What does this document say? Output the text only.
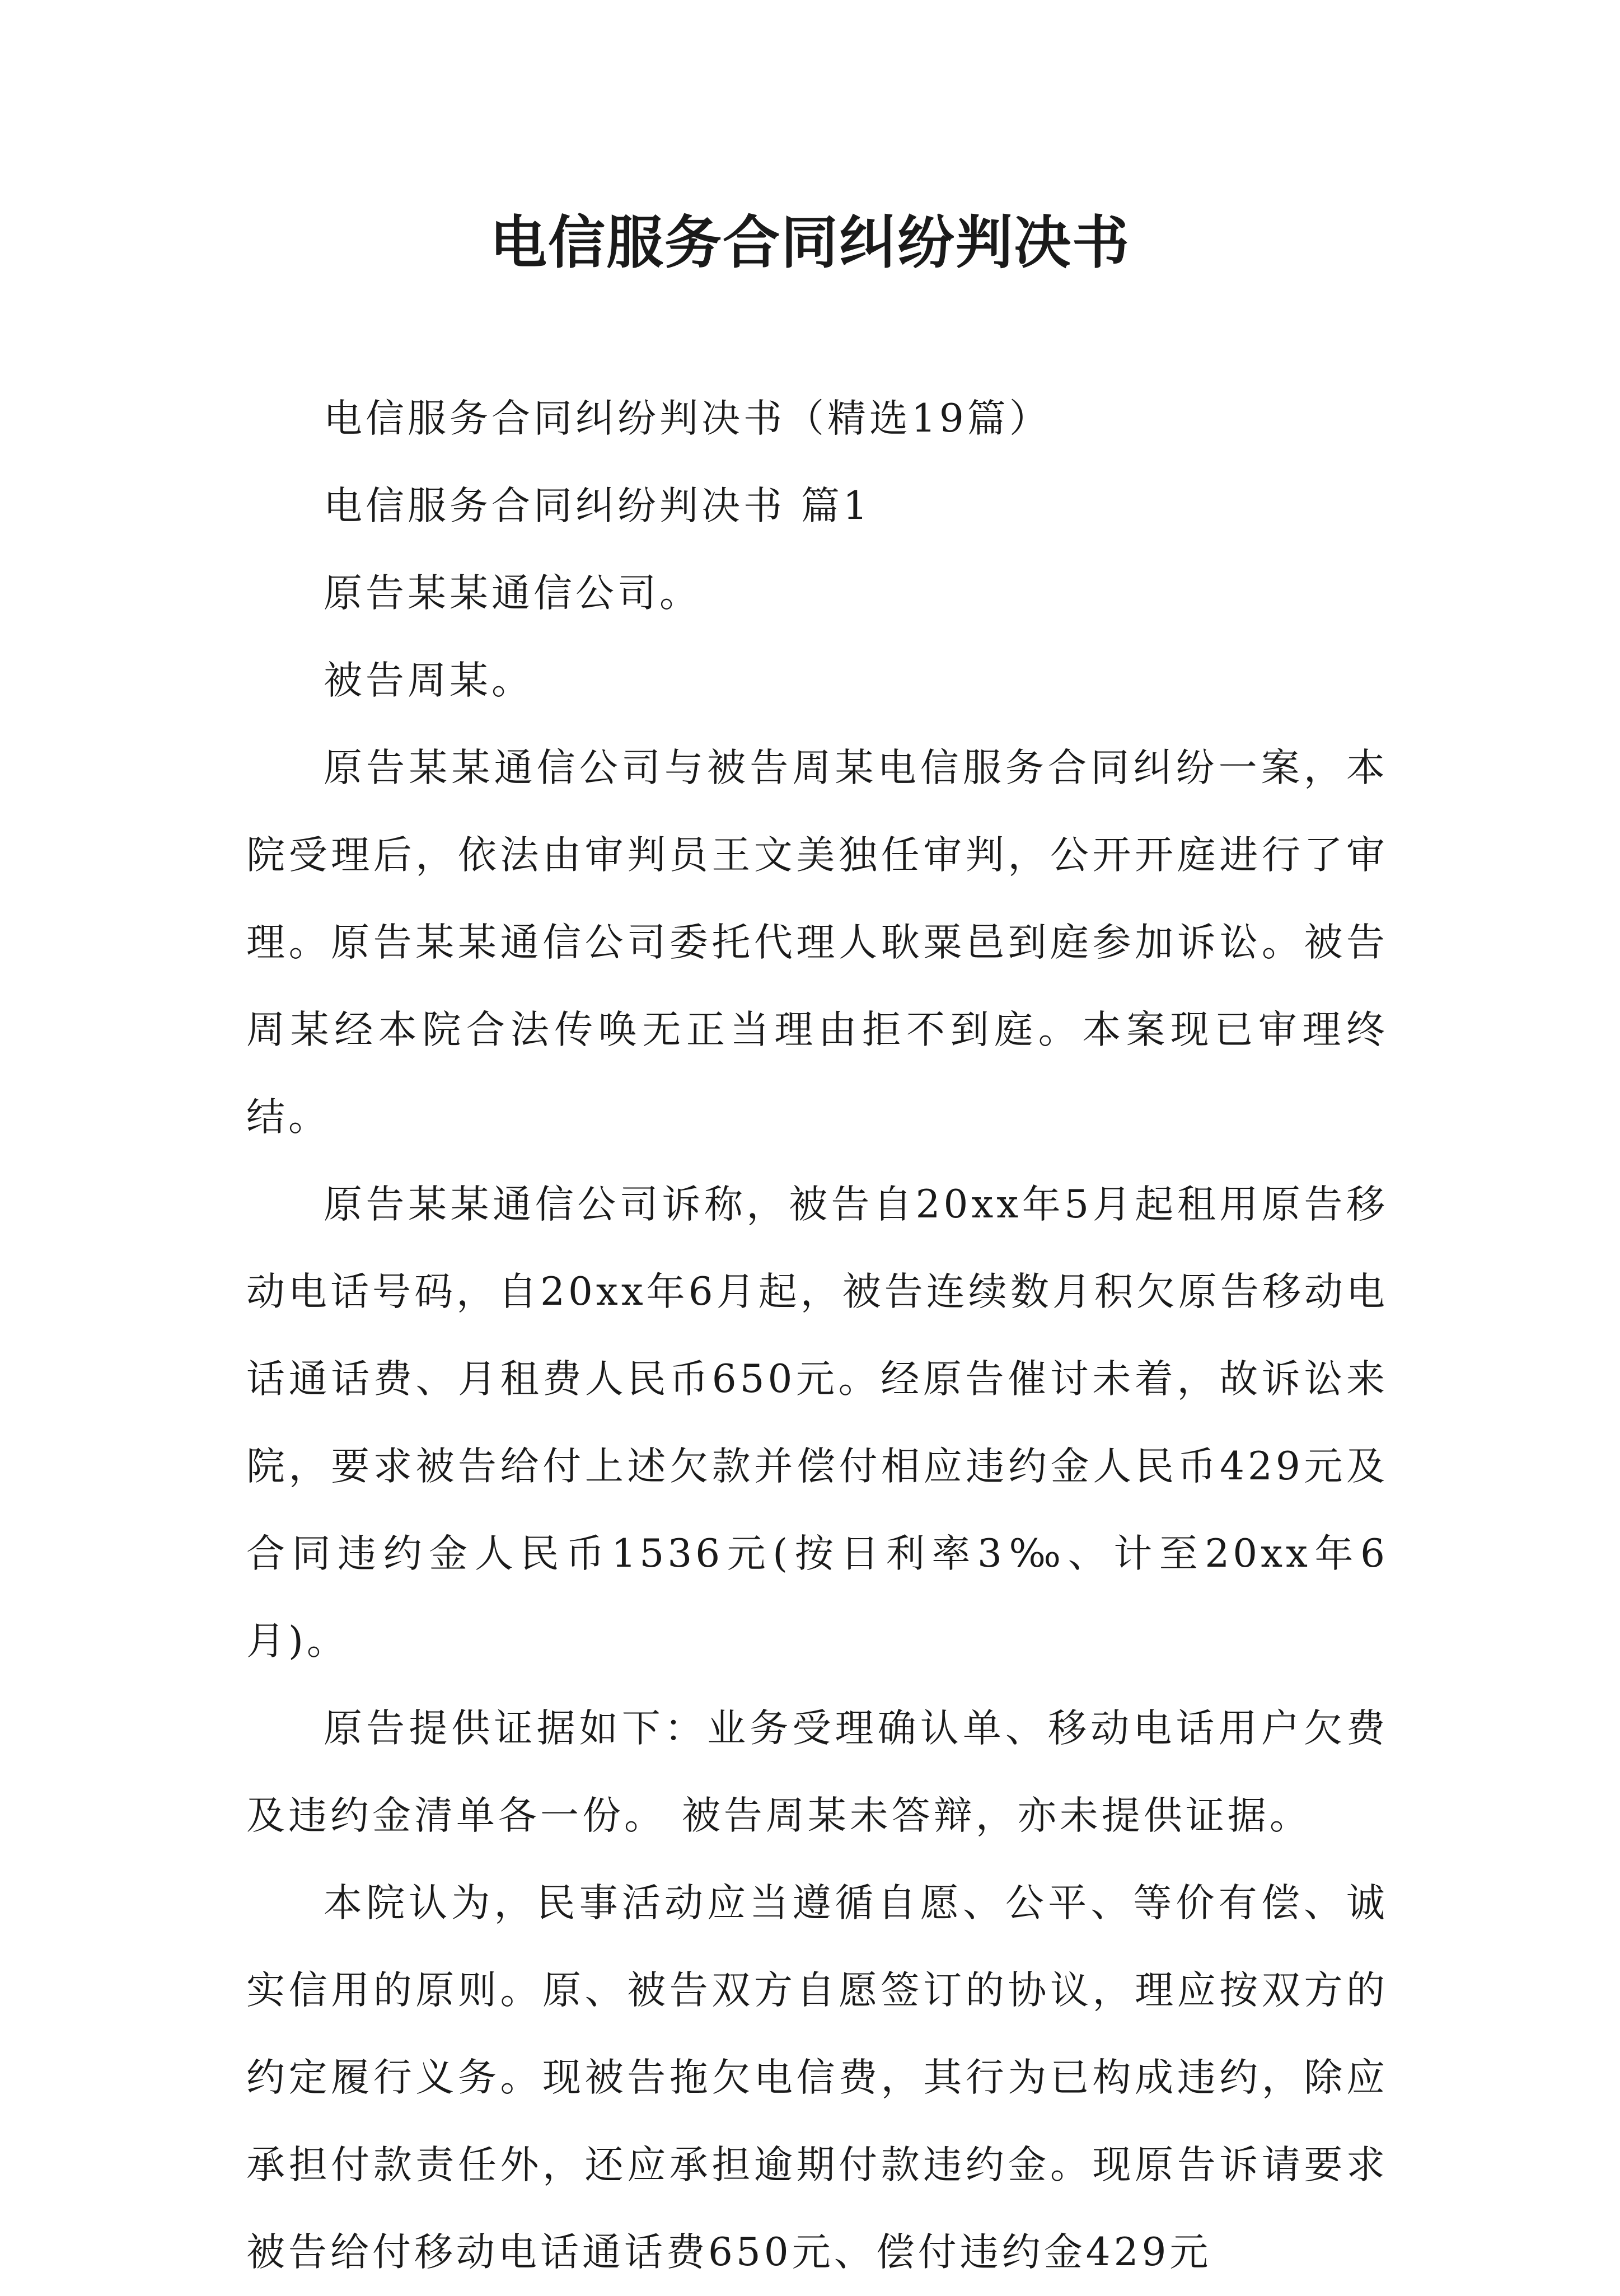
电信服务合同纠纷判决书

电信服务合同纠纷判决书（精选19篇）

电信服务合同纠纷判决书 篇1

原告某某通信公司。

被告周某。

原告某某通信公司与被告周某电信服务合同纠纷一案，本院受理后，依法由审判员王文美独任审判，公开开庭进行了审理。原告某某通信公司委托代理人耿粟邑到庭参加诉讼。被告周某经本院合法传唤无正当理由拒不到庭。本案现已审理终结。

原告某某通信公司诉称，被告自20xx年5月起租用原告移动电话号码，自20xx年6月起，被告连续数月积欠原告移动电话通话费、月租费人民币650元。经原告催讨未着，故诉讼来院，要求被告给付上述欠款并偿付相应违约金人民币429元及合同违约金人民币1536元(按日利率3‰、计至20xx年6月)。

原告提供证据如下：业务受理确认单、移动电话用户欠费及违约金清单各一份。 被告周某未答辩，亦未提供证据。

本院认为，民事活动应当遵循自愿、公平、等价有偿、诚实信用的原则。原、被告双方自愿签订的协议，理应按双方的约定履行义务。现被告拖欠电信费，其行为已构成违约，除应承担付款责任外，还应承担逾期付款违约金。现原告诉请要求被告给付移动电话通话费650元、偿付违约金429元
